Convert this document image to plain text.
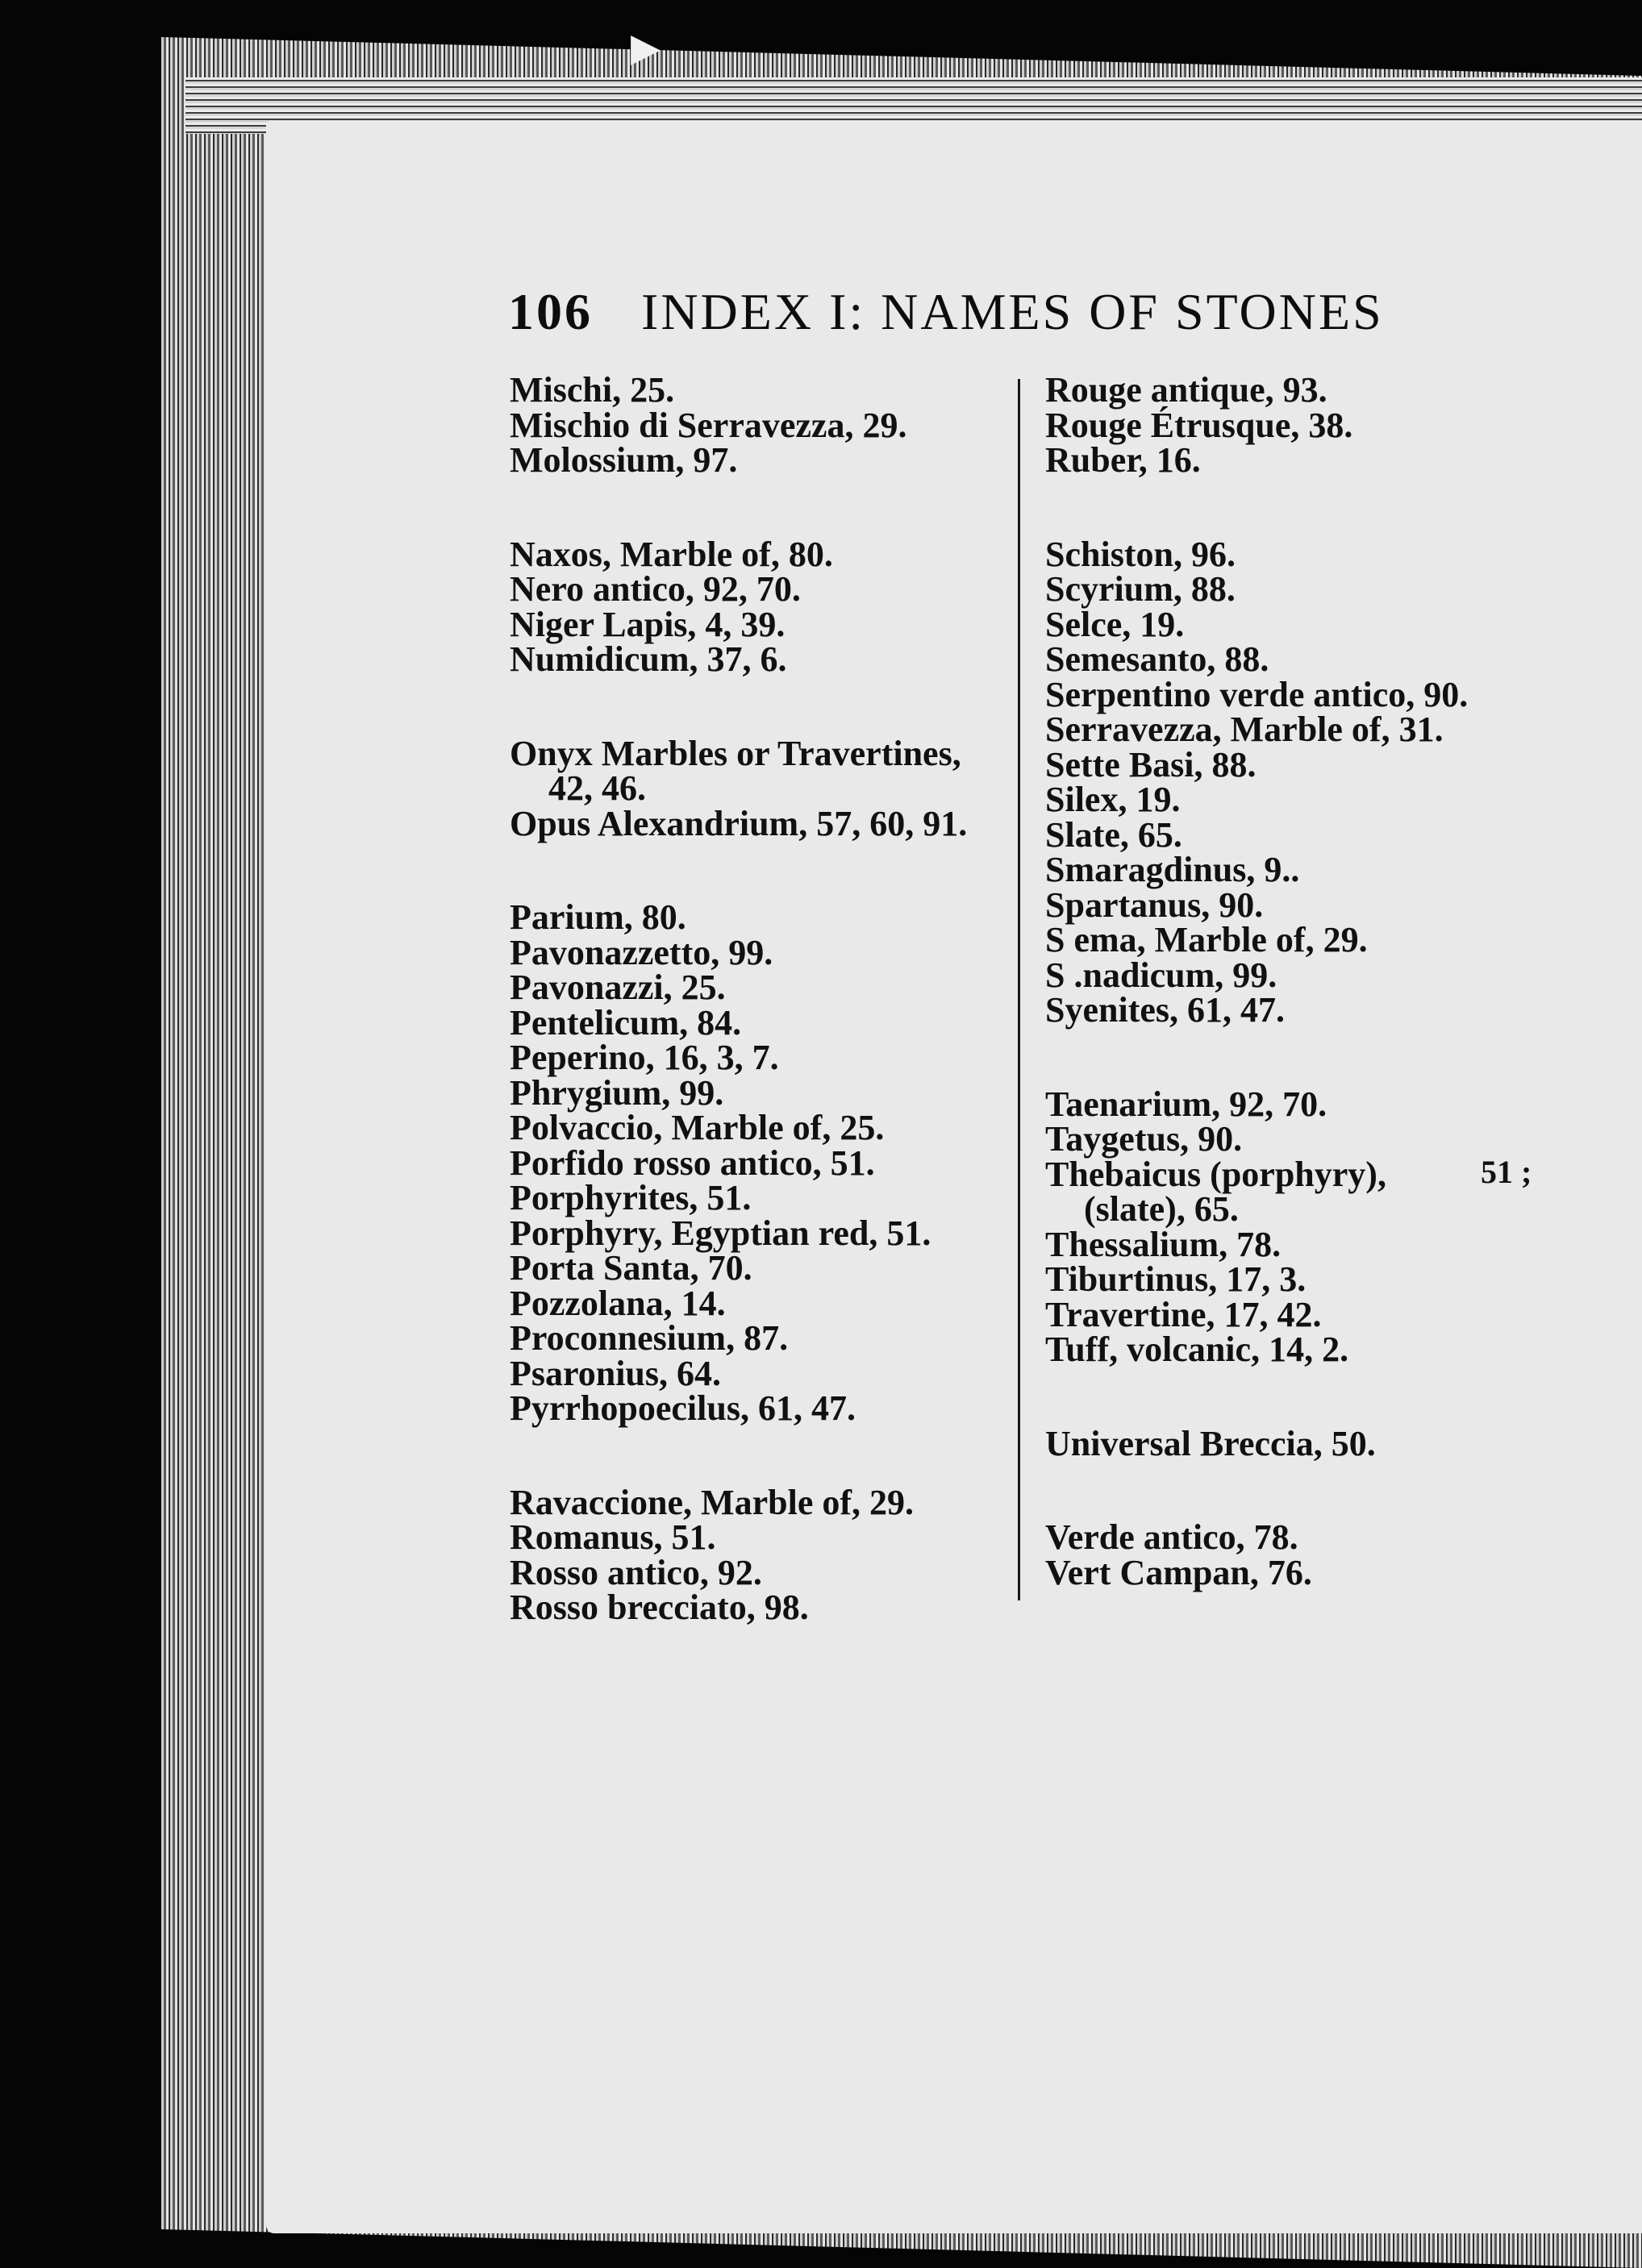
▶
106 INDEX I: NAMES OF STONES
Mischi, 25.
Mischio di Serravezza, 29.
Molossium, 97.
Naxos, Marble of, 80.
Nero antico, 92, 70.
Niger Lapis, 4, 39.
Numidicum, 37, 6.
Onyx Marbles or Travertines,
42, 46.
Opus Alexandrium, 57, 60, 91.
Parium, 80.
Pavonazzetto, 99.
Pavonazzi, 25.
Pentelicum, 84.
Peperino, 16, 3, 7.
Phrygium, 99.
Polvaccio, Marble of, 25.
Porfido rosso antico, 51.
Porphyrites, 51.
Porphyry, Egyptian red, 51.
Porta Santa, 70.
Pozzolana, 14.
Proconnesium, 87.
Psaronius, 64.
Pyrrhopoecilus, 61, 47.
Ravaccione, Marble of, 29.
Romanus, 51.
Rosso antico, 92.
Rosso brecciato, 98.
Rouge antique, 93.
Rouge Étrusque, 38.
Ruber, 16.
Schiston, 96.
Scyrium, 88.
Selce, 19.
Semesanto, 88.
Serpentino verde antico, 90.
Serravezza, Marble of, 31.
Sette Basi, 88.
Silex, 19.
Slate, 65.
Smaragdinus, 9..
Spartanus, 90.
S ema, Marble of, 29.
S .nadicum, 99.
Syenites, 61, 47.
Taenarium, 92, 70.
Taygetus, 90.
Thebaicus (porphyry),
(slate), 65.
Thessalium, 78.
Tiburtinus, 17, 3.
Travertine, 17, 42.
Tuff, volcanic, 14, 2.
Universal Breccia, 50.
Verde antico, 78.
Vert Campan, 76.
51 ;
